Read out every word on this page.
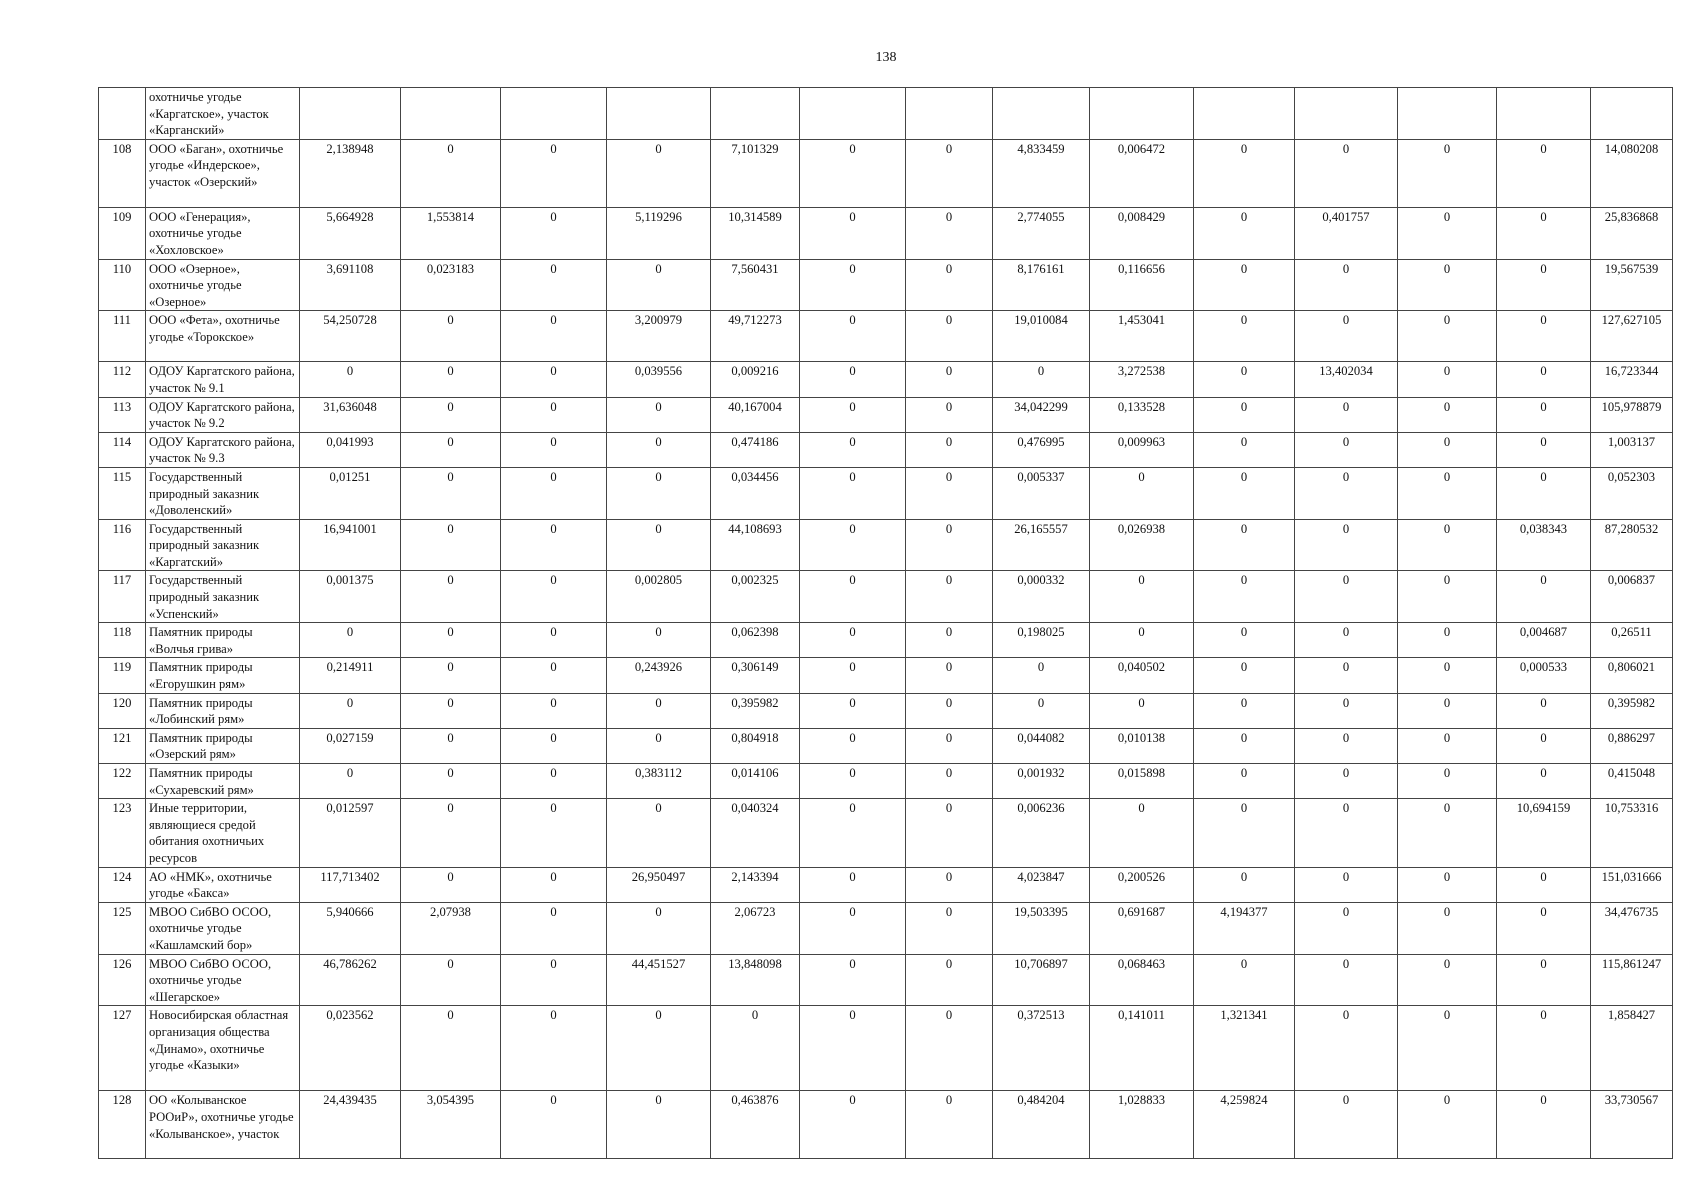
138
	охотничье угодье «Каргатское», участок «Карганский»														
108	ООО «Баган», охотничье угодье «Индерское», участок «Озерский»	2,138948	0	0	0	7,101329	0	0	4,833459	0,006472	0	0	0	0	14,080208
109	ООО «Генерация», охотничье угодье «Хохловское»	5,664928	1,553814	0	5,119296	10,314589	0	0	2,774055	0,008429	0	0,401757	0	0	25,836868
110	ООО «Озерное», охотничье угодье «Озерное»	3,691108	0,023183	0	0	7,560431	0	0	8,176161	0,116656	0	0	0	0	19,567539
111	ООО «Фета», охотничье угодье «Торокское»	54,250728	0	0	3,200979	49,712273	0	0	19,010084	1,453041	0	0	0	0	127,627105
112	ОДОУ Каргатского района, участок № 9.1	0	0	0	0,039556	0,009216	0	0	0	3,272538	0	13,402034	0	0	16,723344
113	ОДОУ Каргатского района, участок № 9.2	31,636048	0	0	0	40,167004	0	0	34,042299	0,133528	0	0	0	0	105,978879
114	ОДОУ Каргатского района, участок № 9.3	0,041993	0	0	0	0,474186	0	0	0,476995	0,009963	0	0	0	0	1,003137
115	Государственный природный заказник «Доволенский»	0,01251	0	0	0	0,034456	0	0	0,005337	0	0	0	0	0	0,052303
116	Государственный природный заказник «Каргатский»	16,941001	0	0	0	44,108693	0	0	26,165557	0,026938	0	0	0	0,038343	87,280532
117	Государственный природный заказник «Успенский»	0,001375	0	0	0,002805	0,002325	0	0	0,000332	0	0	0	0	0	0,006837
118	Памятник природы «Волчья грива»	0	0	0	0	0,062398	0	0	0,198025	0	0	0	0	0,004687	0,26511
119	Памятник природы «Егорушкин рям»	0,214911	0	0	0,243926	0,306149	0	0	0	0,040502	0	0	0	0,000533	0,806021
120	Памятник природы «Лобинский рям»	0	0	0	0	0,395982	0	0	0	0	0	0	0	0	0,395982
121	Памятник природы «Озерский рям»	0,027159	0	0	0	0,804918	0	0	0,044082	0,010138	0	0	0	0	0,886297
122	Памятник природы «Сухаревский рям»	0	0	0	0,383112	0,014106	0	0	0,001932	0,015898	0	0	0	0	0,415048
123	Иные территории, являющиеся средой обитания охотничьих ресурсов	0,012597	0	0	0	0,040324	0	0	0,006236	0	0	0	0	10,694159	10,753316
124	АО «НМК», охотничье угодье «Бакса»	117,713402	0	0	26,950497	2,143394	0	0	4,023847	0,200526	0	0	0	0	151,031666
125	МВОО СибВО ОСОО, охотничье угодье «Кашламский бор»	5,940666	2,07938	0	0	2,06723	0	0	19,503395	0,691687	4,194377	0	0	0	34,476735
126	МВОО СибВО ОСОО, охотничье угодье «Шегарское»	46,786262	0	0	44,451527	13,848098	0	0	10,706897	0,068463	0	0	0	0	115,861247
127	Новосибирская областная организация общества «Динамо», охотничье угодье «Казыки»	0,023562	0	0	0	0	0	0	0,372513	0,141011	1,321341	0	0	0	1,858427
128	ОО «Колыванское РООиР», охотничье угодье «Колыванское», участок	24,439435	3,054395	0	0	0,463876	0	0	0,484204	1,028833	4,259824	0	0	0	33,730567
